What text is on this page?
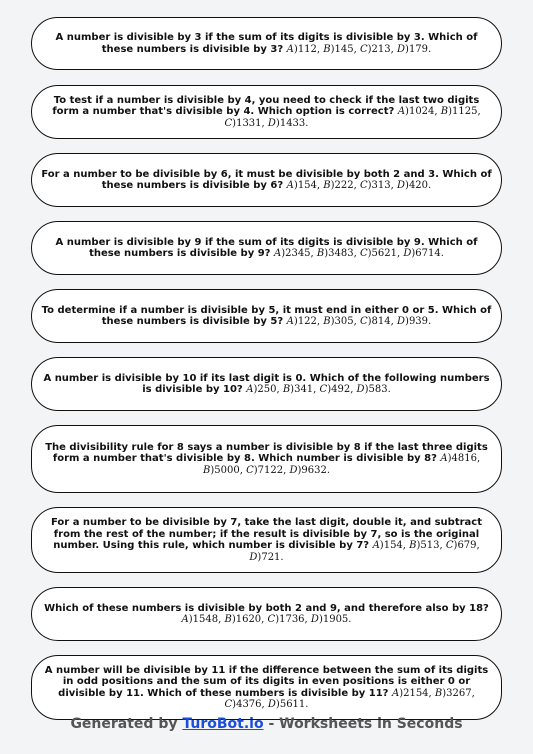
A number is divisible by 3 if the sum of its digits is divisible by 3. Which of these numbers is divisible by 3? A)112, B)145, C)213, D)179.
To test if a number is divisible by 4, you need to check if the last two digits form a number that's divisible by 4. Which option is correct? A)1024, B)1125, C)1331, D)1433.
For a number to be divisible by 6, it must be divisible by both 2 and 3. Which of these numbers is divisible by 6? A)154, B)222, C)313, D)420.
A number is divisible by 9 if the sum of its digits is divisible by 9. Which of these numbers is divisible by 9? A)2345, B)3483, C)5621, D)6714.
To determine if a number is divisible by 5, it must end in either 0 or 5. Which of these numbers is divisible by 5? A)122, B)305, C)814, D)939.
A number is divisible by 10 if its last digit is 0. Which of the following numbers is divisible by 10? A)250, B)341, C)492, D)583.
The divisibility rule for 8 says a number is divisible by 8 if the last three digits form a number that's divisible by 8. Which number is divisible by 8? A)4816, B)5000, C)7122, D)9632.
For a number to be divisible by 7, take the last digit, double it, and subtract from the rest of the number; if the result is divisible by 7, so is the original number. Using this rule, which number is divisible by 7? A)154, B)513, C)679, D)721.
Which of these numbers is divisible by both 2 and 9, and therefore also by 18? A)1548, B)1620, C)1736, D)1905.
A number will be divisible by 11 if the difference between the sum of its digits in odd positions and the sum of its digits in even positions is either 0 or divisible by 11. Which of these numbers is divisible by 11? A)2154, B)3267, C)4376, D)5611.
Generated by TuroBot.io - Worksheets in Seconds
